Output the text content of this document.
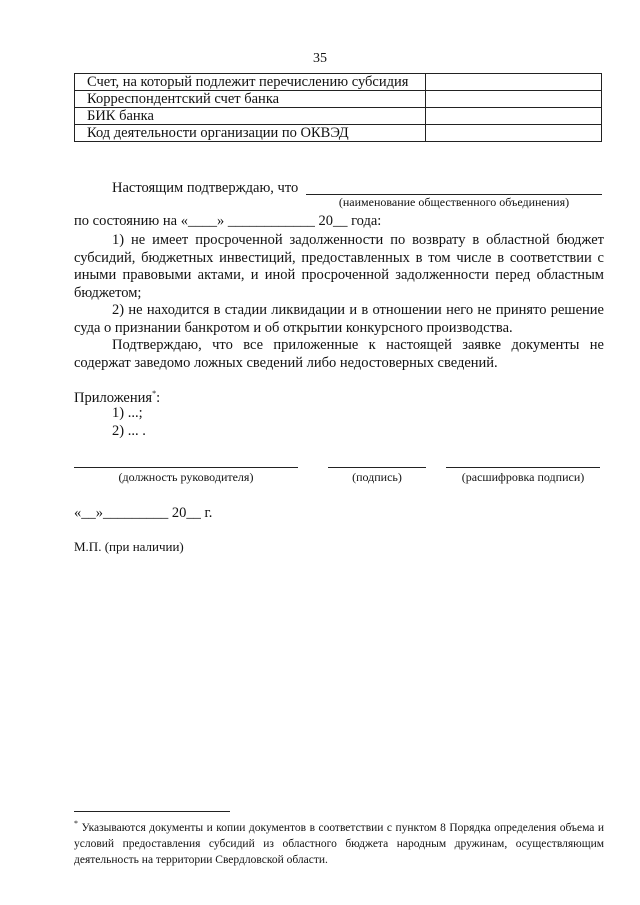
35
Счет, на который подлежит перечислению субсидия	
Корреспондентский счет банка	
БИК банка	
Код деятельности организации по ОКВЭД	
Настоящим подтверждаю, что
(наименование общественного объединения)
по состоянию на «____» ____________ 20__ года:
1) не имеет просроченной задолженности по возврату в областной бюджет субсидий, бюджетных инвестиций, предоставленных в том числе в соответствии с иными правовыми актами, и иной просроченной задолженности перед областным бюджетом;
2) не находится в стадии ликвидации и в отношении него не принято решение суда о признании банкротом и об открытии конкурсного производства.
Подтверждаю, что все приложенные к настоящей заявке документы не содержат заведомо ложных сведений либо недостоверных сведений.
Приложения*:
1) ...;
2) ... .
(должность руководителя)	(подпись)	(расшифровка подписи)
«__»_________ 20__ г.
М.П. (при наличии)
* Указываются документы и копии документов в соответствии с пунктом 8 Порядка определения объема и условий предоставления субсидий из областного бюджета народным дружинам, осуществляющим деятельность на территории Свердловской области.
